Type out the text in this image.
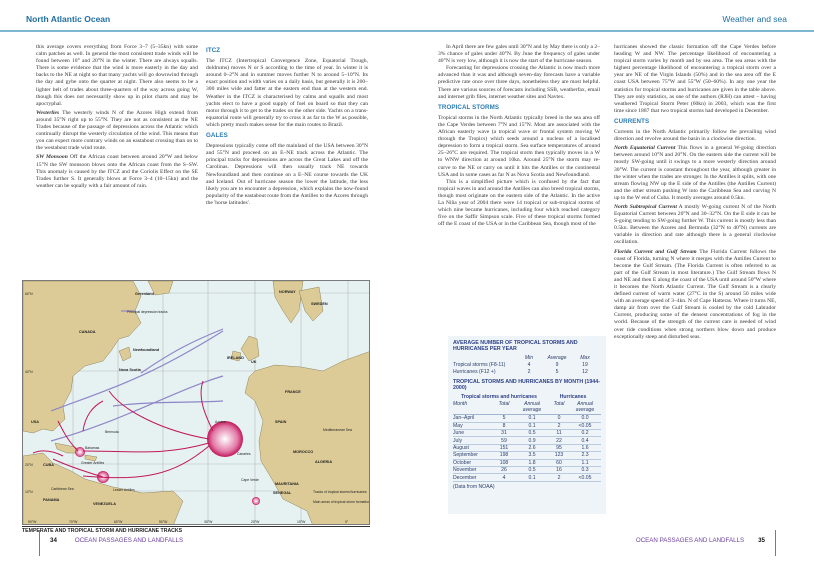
North Atlantic Ocean	Weather and sea

this average covers everything from Force 3–7 (5–35kn) with some calm patches as well. In general the most consistent trade winds will be found between 10° and 20°N in the winter. There are always squalls. There is some evidence that the wind is more easterly in the day and backs to the NE at night so that many yachts will go downwind through the day and gybe onto the quarter at night. There also seems to be a lighter belt of trades about three-quarters of the way across going W, though this does not necessarily show up in pilot charts and may be apocryphal.

Westerlies The westerly winds N of the Azores High extend from around 35°N right up to 55°N. They are not as consistent as the NE Trades because of the passage of depressions across the Atlantic which continually disrupt the westerly circulation of the wind. This means that you can expect more contrary winds on an eastabout crossing than on to the westabout trade wind route.

SW Monsoon Off the African coast between around 20°W and below 15°N the SW monsoon blows onto the African coast from the S–SW. This anomaly is caused by the ITCZ and the Coriolis Effect on the SE Trades further S. It generally blows at Force 3–4 (10–15kn) and the weather can be squally with a fair amount of rain.

ITCZ

The ITCZ (Intertropical Convergence Zone, Equatorial Trough, doldrums) moves N or S according to the time of year. In winter it is around 0–2°N and in summer moves further N to around 5–10°N. Its exact position and width varies on a daily basis, but generally it is 200–300 miles wide and fatter at the eastern end than at the western end. Weather in the ITCZ is characterised by calms and squalls and most yachts elect to have a good supply of fuel on board so that they can motor through it to get to the trades on the other side. Yachts on a trans-equatorial route will generally try to cross it as far to the W as possible, which pretty much makes sense for the main routes to Brazil.

GALES

Depressions typically come off the mainland of the USA between 30°N and 55°N and proceed on an E–NE track across the Atlantic. The principal tracks for depressions are across the Great Lakes and off the Carolinas. Depressions will then usually track NE towards Newfoundland and then continue on a E–NE course towards the UK and Iceland. Out of hurricane season the lower the latitude, the less likely you are to encounter a depression, which explains the now-found popularity of the eastabout route from the Antilles to the Azores through the 'horse latitudes'.

In April there are few gales until 30°N and by May there is only a 2–3% chance of gales under 40°N. By June the frequency of gales under 40°N is very low, although it is now the start of the hurricane season.

Forecasting for depressions crossing the Atlantic is now much more advanced than it was and although seven-day forecasts have a variable predictive rate once over three days, nonetheless they are most helpful. There are various sources of forecasts including SSB, weatherfax, email and internet grib files, internet weather sites and Navtex.

TROPICAL STORMS

Tropical storms in the North Atlantic typically breed in the sea area off the Cape Verdes between 7°N and 15°N. Most are associated with the African easterly wave (a tropical wave or frontal system moving W through the Tropics) which seeds around a nucleus of a localised depression to form a tropical storm. Sea surface temperatures of around 25–26°C are required. The tropical storm then typically moves in a W to WNW direction at around 10kn. Around 25°N the storm may re-curve to the NE or carry on until it hits the Antilles or the continental USA and in some cases as far N as Nova Scotia and Newfoundland.

This is a simplified picture which is confused by the fact that tropical waves in and around the Antilles can also breed tropical storms, though most originate on the eastern side of the Atlantic. In the active La Niña year of 2004 there were 14 tropical or sub-tropical storms of which nine became hurricanes, including four which reached category five on the Saffir Simpson scale. Five of these tropical storms formed off the E coast of the USA or in the Caribbean Sea, though most of the

hurricanes showed the classic formation off the Cape Verdes before heading W and NW. The percentage likelihood of encountering a tropical storm varies by month and by sea area. The sea areas with the highest percentage likelihood of encountering a tropical storm over a year are NE of the Virgin Islands (50%) and in the sea area off the E coast USA between 75°W and 55°W (50–60%). In any one year the statistics for tropical storms and hurricanes are given in the table above. They are only statistics, as one of the authors (RJH) can attest – having weathered Tropical Storm Peter (60kn) in 2003, which was the first time since 1887 that two tropical storms had developed in December.

CURRENTS

Currents in the North Atlantic primarily follow the prevailing wind direction and revolve around the basin in a clockwise direction.

North Equatorial Current This flows in a general W-going direction between around 10°N and 20°N. On the eastern side the current will be mostly SW-going until it swings to a more westerly direction around 30°W. The current is constant throughout the year, although greater in the winter when the trades are stronger. In the Antilles it splits, with one stream flowing NW up the E side of the Antilles (the Antilles Current) and the other stream pushing W into the Caribbean Sea and curving N up to the W end of Cuba. It mostly averages around 0.5kn.

North Subtropical Current A mostly W-going current N of the North Equatorial Current between 20°N and 30–32°N. On the E side it can be S-going tending to SW-going further W. This current is mostly less than 0.5kn. Between the Azores and Bermuda (32°N to 40°N) currents are variable in direction and rate although there is a general clockwise oscillation.

Florida Current and Gulf Stream The Florida Current follows the coast of Florida, turning N where it merges with the Antilles Current to become the Gulf Stream. (The Florida Current is often referred to as part of the Gulf Stream in most literature.) The Gulf Stream flows N and NE and then E along the coast of the USA until around 50°W where it becomes the North Atlantic Current. The Gulf Stream is a clearly defined current of warm water (27°C in the S) around 50 miles wide with an average speed of 3–4kn. N of Cape Hatteras. Where it turns NE, damp air from over the Gulf Stream is cooled by the cold Labrador Current, producing some of the densest concentrations of fog in the world. Because of the strength of the current care is needed of wind over tide conditions when strong northers blow down and produce exceptionally steep and disturbed seas.

Greenland
Principal depression tracks
CANADA
Newfoundland
Nova Scotia
USA
Bermuda
Bahamas
CUBA	Greater Antilles
Lesser Antilles
Caribbean Sea
PANAMA
VENEZUELA
Azores
Canaries
Cape Verde
IRELAND
UK
FRANCE
SPAIN
NORWAY
SWEDEN
Mediterranean Sea
MOROCCO
ALGERIA
MAURITANIA
SENEGAL	Tracks of tropical storms/hurricanes
Main areas of tropical storm formation
60°N
40°N
20°N
10°N
90°W	70°W	60°W	50°W	30°W	20°W	10°W	0°
TEMPERATE AND TROPICAL STORM AND HURRICANE TRACKS
AVERAGE NUMBER OF TROPICAL STORMS AND HURRICANES PER YEAR
Min	Average	Max
Tropical storms (F8-11)	4	9	19
Hurricanes (F12 +)	2	5	12
TROPICAL STORMS AND HURRICANES BY MONTH (1944-2000)
Tropical storms and hurricanes	Hurricanes
Month	Total	Annual average
Total	Annual average
Jan–April	5	0.1	0	0.0
May	8	0.1	2	<0.05
June	31	0.5	11	0.2
July	59	0.9	22	0.4
August	151	2.6	95	1.6
September	198	3.5	123	2.3
October	108	1.8	60	1.1
November	26	0.5	16	0.3
December	4	0.1	2	<0.05
(Data from NOAA)
34	OCEAN PASSAGES AND LANDFALLS	OCEAN PASSAGES AND LANDFALLS 35
